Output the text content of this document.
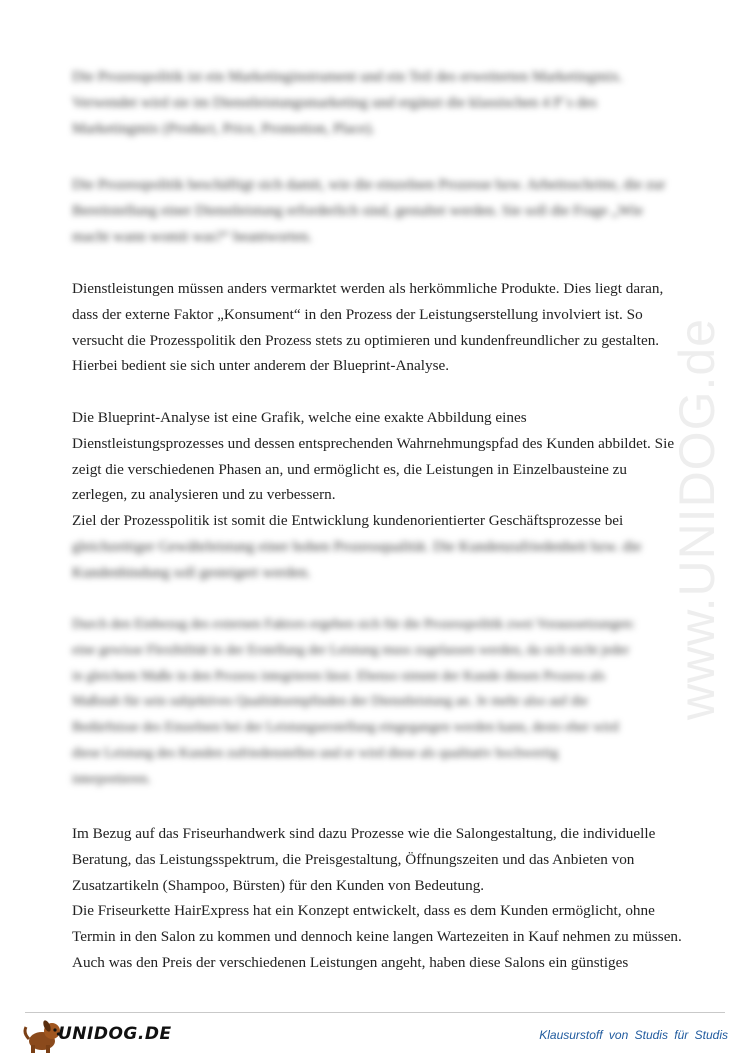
www.UNIDOG.de
Die Prozesspolitik ist ein Marketinginstrument und ein Teil des erweiterten Marketingmix.
Verwendet wird sie im Dienstleistungsmarketing und ergänzt die klassischen 4 P´s des
Marketingmix (Product, Price, Promotion, Place).
Die Prozesspolitik beschäftigt sich damit, wie die einzelnen Prozesse bzw. Arbeitsschritte, die zur
Bereitstellung einer Dienstleistung erforderlich sind, gestaltet werden. Sie soll die Frage „Wie
macht wann womit was?“ beantworten.
Dienstleistungen müssen anders vermarktet werden als herkömmliche Produkte. Dies liegt daran,
dass der externe Faktor „Konsument“ in den Prozess der Leistungserstellung involviert ist. So
versucht die Prozesspolitik den Prozess stets zu optimieren und kundenfreundlicher zu gestalten.
Hierbei bedient sie sich unter anderem der Blueprint-Analyse.
Die Blueprint-Analyse ist eine Grafik, welche eine exakte Abbildung eines
Dienstleistungsprozesses und dessen entsprechenden Wahrnehmungspfad des Kunden abbildet. Sie
zeigt die verschiedenen Phasen an, und ermöglicht es, die Leistungen in Einzelbausteine zu
zerlegen, zu analysieren und zu verbessern.
Ziel der Prozesspolitik ist somit die Entwicklung kundenorientierter Geschäftsprozesse bei
gleichzeitiger Gewährleistung einer hohen Prozessqualität. Die Kundenzufriedenheit bzw. die
Kundenbindung soll gesteigert werden.
Durch den Einbezug des externen Faktors ergeben sich für die Prozesspolitik zwei Voraussetzungen:
eine gewisse Flexibilität in der Erstellung der Leistung muss zugelassen werden, da sich nicht jeder
in gleichem Maße in den Prozess integrieren lässt. Ebenso nimmt der Kunde diesen Prozess als
Maßstab für sein subjektives Qualitätsempfinden der Dienstleistung an. Je mehr also auf die
Bedürfnisse des Einzelnen bei der Leistungserstellung eingegangen werden kann, desto eher wird
diese Leistung des Kunden zufriedenstellen und er wird diese als qualitativ hochwertig
interpretieren.
Im Bezug auf das Friseurhandwerk sind dazu Prozesse wie die Salongestaltung, die individuelle
Beratung, das Leistungsspektrum, die Preisgestaltung, Öffnungszeiten und das Anbieten von
Zusatzartikeln (Shampoo, Bürsten) für den Kunden von Bedeutung.
Die Friseurkette HairExpress hat ein Konzept entwickelt, dass es dem Kunden ermöglicht, ohne
Termin in den Salon zu kommen und dennoch keine langen Wartezeiten in Kauf nehmen zu müssen.
Auch was den Preis der verschiedenen Leistungen angeht, haben diese Salons ein günstiges
UNIDOG.DE	Klausurstoff von Studis für Studis
